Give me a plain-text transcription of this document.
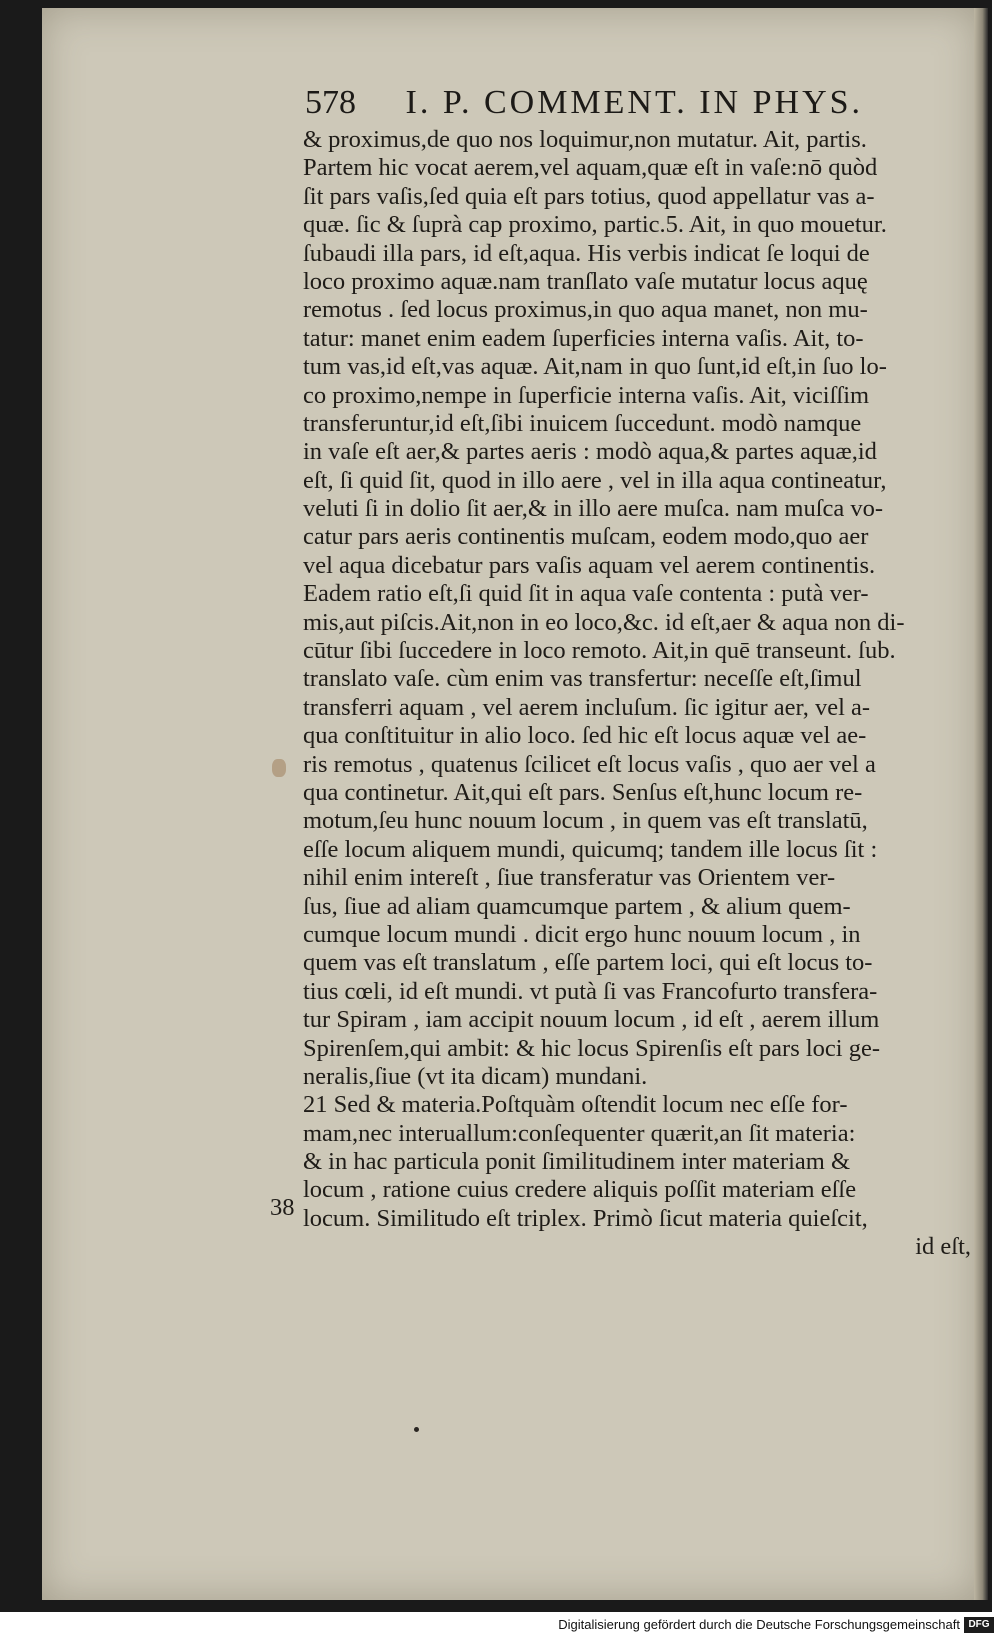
578 I. P. COMMENT. IN PHYS.
& proximus,de quo nos loquimur,non mutatur. Ait, partis.
Partem hic vocat aerem,vel aquam,quæ eſt in vaſe:nō quòd
ſit pars vaſis,ſed quia eſt pars totius, quod appellatur vas a-
quæ. ſic & ſuprà cap proximo, partic.5. Ait, in quo mouetur.
ſubaudi illa pars, id eſt,aqua. His verbis indicat ſe loqui de
loco proximo aquæ.nam tranſlato vaſe mutatur locus aquę
remotus . ſed locus proximus,in quo aqua manet, non mu-
tatur: manet enim eadem ſuperficies interna vaſis. Ait, to-
tum vas,id eſt,vas aquæ. Ait,nam in quo ſunt,id eſt,in ſuo lo-
co proximo,nempe in ſuperficie interna vaſis. Ait, viciſſim
transferuntur,id eſt,ſibi inuicem ſuccedunt. modò namque
in vaſe eſt aer,& partes aeris : modò aqua,& partes aquæ,id
eſt, ſi quid ſit, quod in illo aere , vel in illa aqua contineatur,
veluti ſi in dolio ſit aer,& in illo aere muſca. nam muſca vo-
catur pars aeris continentis muſcam, eodem modo,quo aer
vel aqua dicebatur pars vaſis aquam vel aerem continentis.
Eadem ratio eſt,ſi quid ſit in aqua vaſe contenta : putà ver-
mis,aut piſcis.Ait,non in eo loco,&c. id eſt,aer & aqua non di-
cūtur ſibi ſuccedere in loco remoto. Ait,in quē transeunt. ſub.
translato vaſe. cùm enim vas transfertur: neceſſe eſt,ſimul
transferri aquam , vel aerem incluſum. ſic igitur aer, vel a-
qua conſtituitur in alio loco. ſed hic eſt locus aquæ vel ae-
ris remotus , quatenus ſcilicet eſt locus vaſis , quo aer vel a
qua continetur. Ait,qui eſt pars. Senſus eſt,hunc locum re-
motum,ſeu hunc nouum locum , in quem vas eſt translatū,
eſſe locum aliquem mundi, quicumq; tandem ille locus ſit :
nihil enim intereſt , ſiue transferatur vas Orientem ver-
ſus, ſiue ad aliam quamcumque partem , & alium quem-
cumque locum mundi . dicit ergo hunc nouum locum , in
quem vas eſt translatum , eſſe partem loci, qui eſt locus to-
tius cœli, id eſt mundi. vt putà ſi vas Francofurto transfera-
tur Spiram , iam accipit nouum locum , id eſt , aerem illum
Spirenſem,qui ambit: & hic locus Spirenſis eſt pars loci ge-
neralis,ſiue (vt ita dicam) mundani.
21 Sed & materia.Poſtquàm oſtendit locum nec eſſe for-
mam,nec interuallum:conſequenter quærit,an ſit materia:
& in hac particula ponit ſimilitudinem inter materiam &
locum , ratione cuius credere aliquis poſſit materiam eſſe
locum. Similitudo eſt triplex. Primò ſicut materia quieſcit,
id eſt,
38
Digitalisierung gefördert durch die Deutsche Forschungsgemeinschaft DFG
